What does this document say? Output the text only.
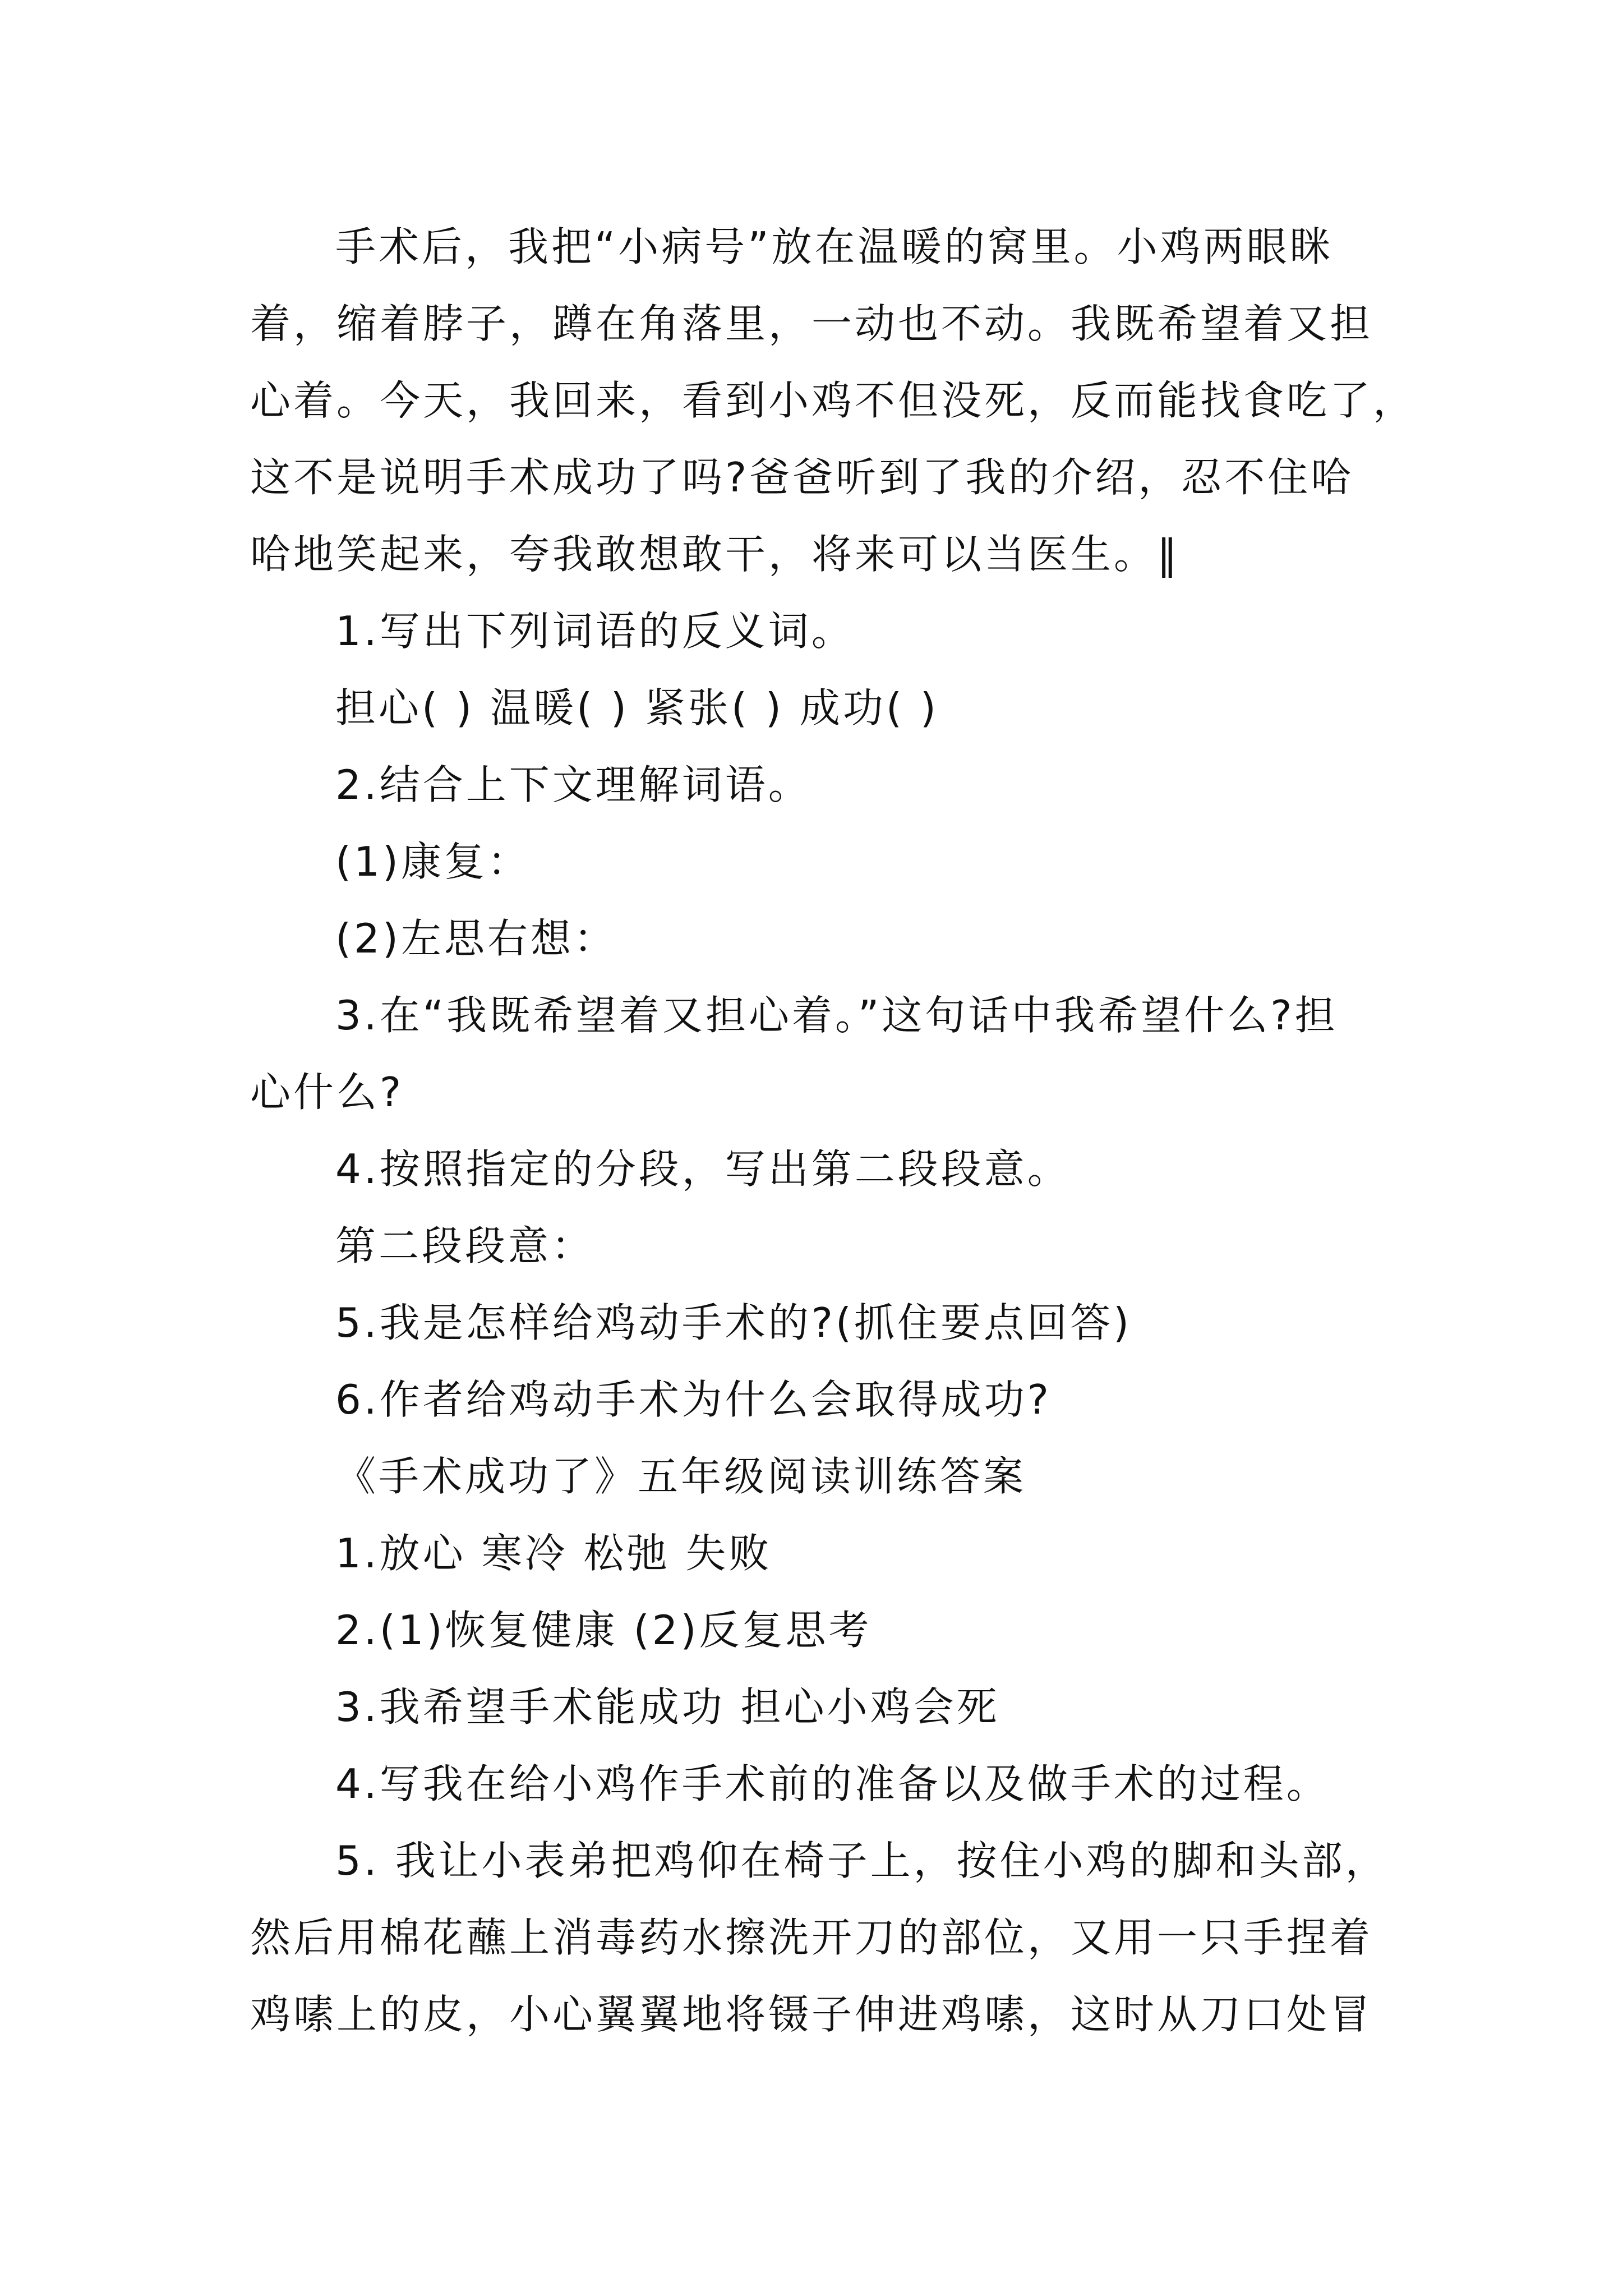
手术后，我把“小病号”放在温暖的窝里。小鸡两眼眯
着，缩着脖子，蹲在角落里，一动也不动。我既希望着又担
心着。今天，我回来，看到小鸡不但没死，反而能找食吃了，
这不是说明手术成功了吗?爸爸听到了我的介绍，忍不住哈
哈地笑起来，夸我敢想敢干，将来可以当医生。‖
1.写出下列词语的反义词。
担心( ) 温暖( ) 紧张( ) 成功( )
2.结合上下文理解词语。
(1)康复：
(2)左思右想：
3.在“我既希望着又担心着。”这句话中我希望什么?担
心什么?
4.按照指定的分段，写出第二段段意。
第二段段意：
5.我是怎样给鸡动手术的?(抓住要点回答)
6.作者给鸡动手术为什么会取得成功?
《手术成功了》五年级阅读训练答案
1.放心 寒冷 松弛 失败
2.(1)恢复健康 (2)反复思考
3.我希望手术能成功 担心小鸡会死
4.写我在给小鸡作手术前的准备以及做手术的过程。
5. 我让小表弟把鸡仰在椅子上，按住小鸡的脚和头部，
然后用棉花蘸上消毒药水擦洗开刀的部位，又用一只手捏着
鸡嗉上的皮，小心翼翼地将镊子伸进鸡嗉，这时从刀口处冒
